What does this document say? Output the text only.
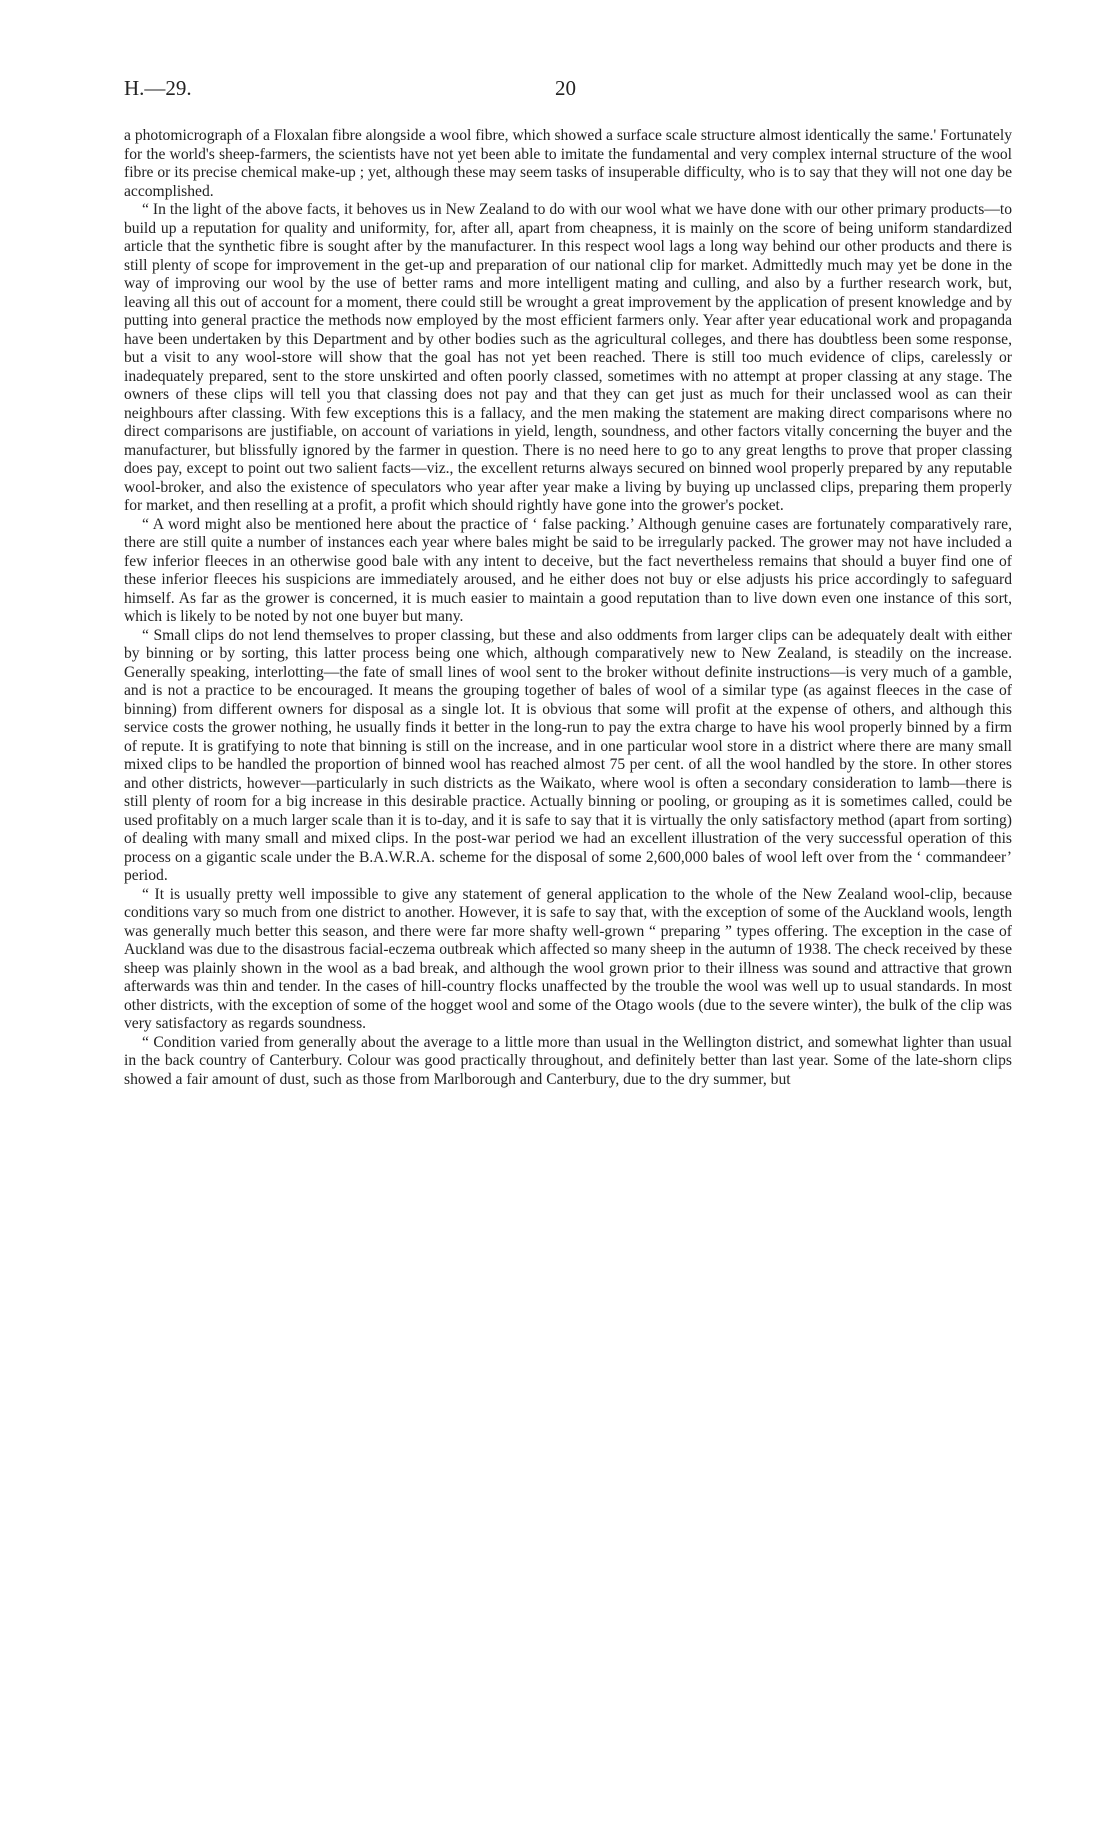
H.—29.	20

a photomicrograph of a Floxalan fibre alongside a wool fibre, which showed a surface scale structure almost identically the same.' Fortunately for the world's sheep-farmers, the scientists have not yet been able to imitate the fundamental and very complex internal structure of the wool fibre or its precise chemical make-up ; yet, although these may seem tasks of insuperable difficulty, who is to say that they will not one day be accomplished.

“ In the light of the above facts, it behoves us in New Zealand to do with our wool what we have done with our other primary products—to build up a reputation for quality and uniformity, for, after all, apart from cheapness, it is mainly on the score of being uniform standardized article that the synthetic fibre is sought after by the manufacturer. In this respect wool lags a long way behind our other products and there is still plenty of scope for improvement in the get-up and preparation of our national clip for market. Admittedly much may yet be done in the way of improving our wool by the use of better rams and more intelligent mating and culling, and also by a further research work, but, leaving all this out of account for a moment, there could still be wrought a great improvement by the application of present knowledge and by putting into general practice the methods now employed by the most efficient farmers only. Year after year educational work and propaganda have been undertaken by this Department and by other bodies such as the agricultural colleges, and there has doubtless been some response, but a visit to any wool-store will show that the goal has not yet been reached. There is still too much evidence of clips, carelessly or inadequately prepared, sent to the store unskirted and often poorly classed, sometimes with no attempt at proper classing at any stage. The owners of these clips will tell you that classing does not pay and that they can get just as much for their unclassed wool as can their neighbours after classing. With few exceptions this is a fallacy, and the men making the statement are making direct comparisons where no direct comparisons are justifiable, on account of variations in yield, length, soundness, and other factors vitally concerning the buyer and the manufacturer, but blissfully ignored by the farmer in question. There is no need here to go to any great lengths to prove that proper classing does pay, except to point out two salient facts—viz., the excellent returns always secured on binned wool properly prepared by any reputable wool-broker, and also the existence of speculators who year after year make a living by buying up unclassed clips, preparing them properly for market, and then reselling at a profit, a profit which should rightly have gone into the grower's pocket.

“ A word might also be mentioned here about the practice of ‘ false packing.’ Although genuine cases are fortunately comparatively rare, there are still quite a number of instances each year where bales might be said to be irregularly packed. The grower may not have included a few inferior fleeces in an otherwise good bale with any intent to deceive, but the fact nevertheless remains that should a buyer find one of these inferior fleeces his suspicions are immediately aroused, and he either does not buy or else adjusts his price accordingly to safeguard himself. As far as the grower is concerned, it is much easier to maintain a good reputation than to live down even one instance of this sort, which is likely to be noted by not one buyer but many.

“ Small clips do not lend themselves to proper classing, but these and also oddments from larger clips can be adequately dealt with either by binning or by sorting, this latter process being one which, although comparatively new to New Zealand, is steadily on the increase. Generally speaking, interlotting—the fate of small lines of wool sent to the broker without definite instructions—is very much of a gamble, and is not a practice to be encouraged. It means the grouping together of bales of wool of a similar type (as against fleeces in the case of binning) from different owners for disposal as a single lot. It is obvious that some will profit at the expense of others, and although this service costs the grower nothing, he usually finds it better in the long-run to pay the extra charge to have his wool properly binned by a firm of repute. It is gratifying to note that binning is still on the increase, and in one particular wool store in a district where there are many small mixed clips to be handled the proportion of binned wool has reached almost 75 per cent. of all the wool handled by the store. In other stores and other districts, however—particularly in such districts as the Waikato, where wool is often a secondary consideration to lamb—there is still plenty of room for a big increase in this desirable practice. Actually binning or pooling, or grouping as it is sometimes called, could be used profitably on a much larger scale than it is to-day, and it is safe to say that it is virtually the only satisfactory method (apart from sorting) of dealing with many small and mixed clips. In the post-war period we had an excellent illustration of the very successful operation of this process on a gigantic scale under the B.A.W.R.A. scheme for the disposal of some 2,600,000 bales of wool left over from the ‘ commandeer’ period.

“ It is usually pretty well impossible to give any statement of general application to the whole of the New Zealand wool-clip, because conditions vary so much from one district to another. However, it is safe to say that, with the exception of some of the Auckland wools, length was generally much better this season, and there were far more shafty well-grown “ preparing ” types offering. The exception in the case of Auckland was due to the disastrous facial-eczema outbreak which affected so many sheep in the autumn of 1938. The check received by these sheep was plainly shown in the wool as a bad break, and although the wool grown prior to their illness was sound and attractive that grown afterwards was thin and tender. In the cases of hill-country flocks unaffected by the trouble the wool was well up to usual standards. In most other districts, with the exception of some of the hogget wool and some of the Otago wools (due to the severe winter), the bulk of the clip was very satisfactory as regards soundness.

“ Condition varied from generally about the average to a little more than usual in the Wellington district, and somewhat lighter than usual in the back country of Canterbury. Colour was good practically throughout, and definitely better than last year. Some of the late-shorn clips showed a fair amount of dust, such as those from Marlborough and Canterbury, due to the dry summer, but
